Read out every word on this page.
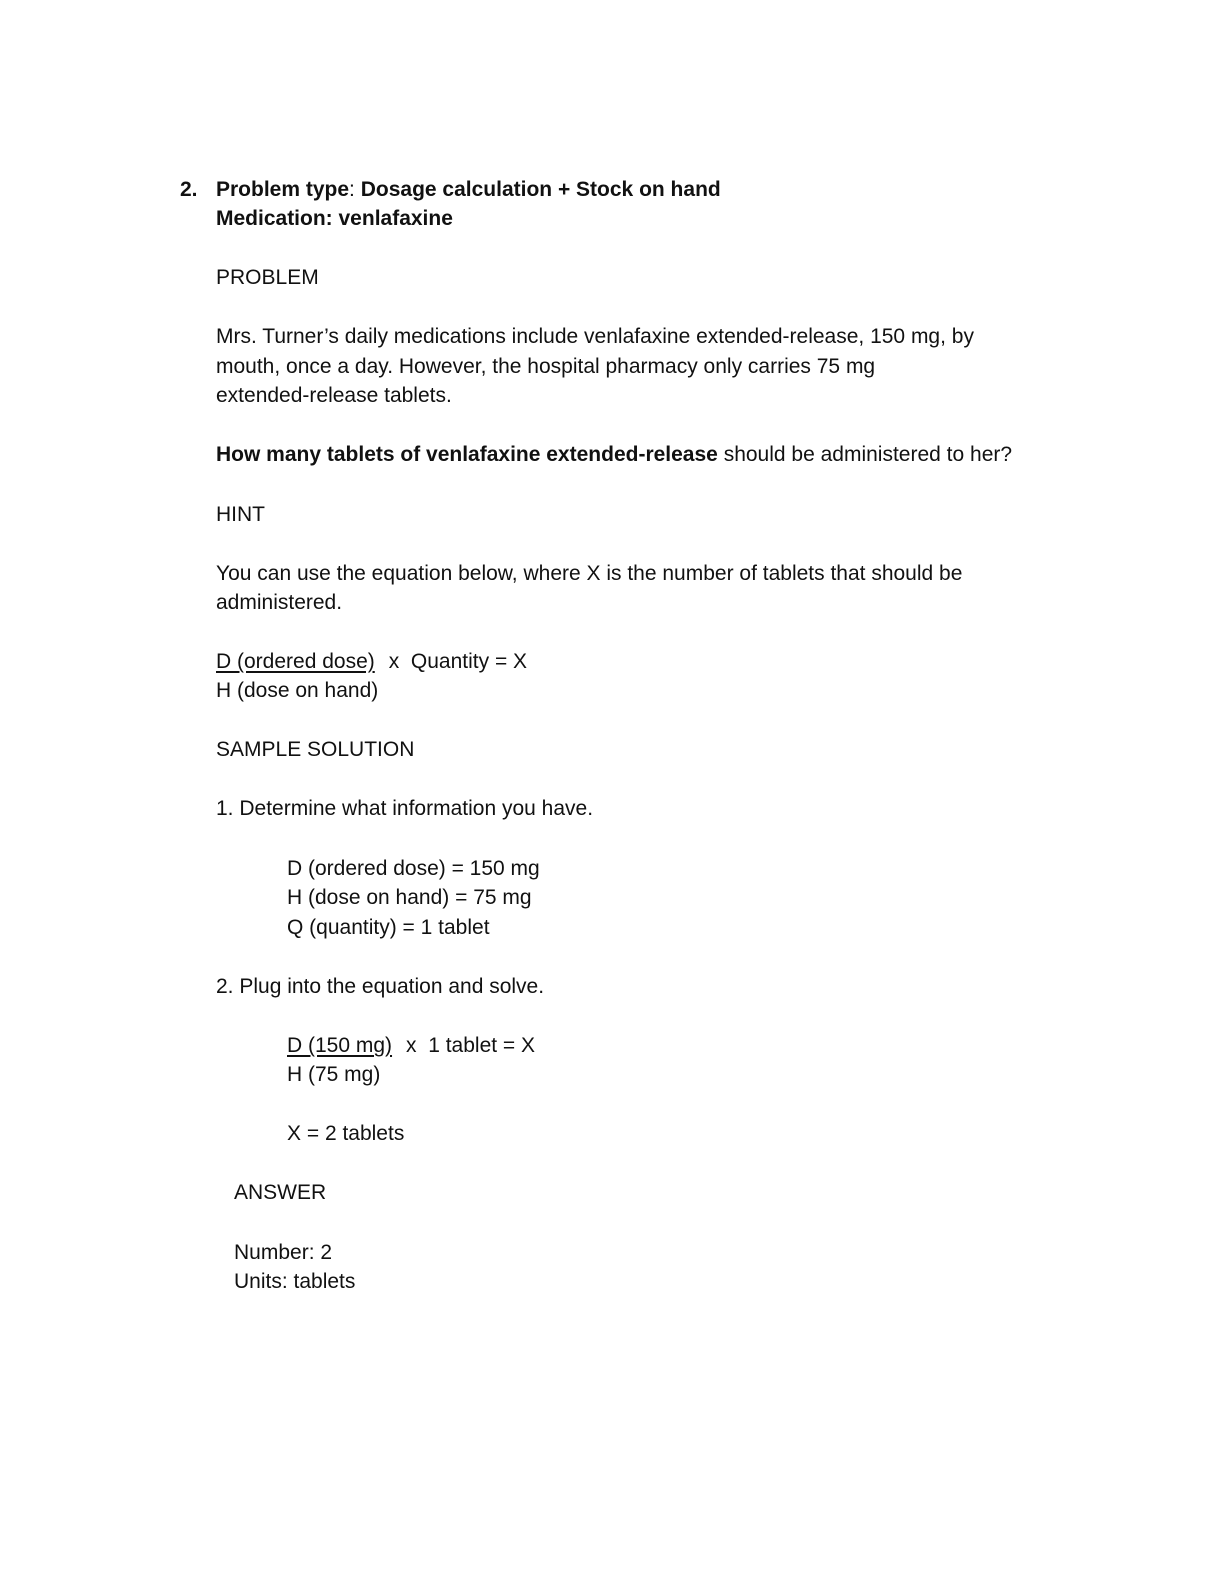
2. Problem type: Dosage calculation + Stock on hand
Medication: venlafaxine
PROBLEM
Mrs. Turner’s daily medications include venlafaxine extended-release, 150 mg, by
mouth, once a day. However, the hospital pharmacy only carries 75 mg
extended-release tablets.
How many tablets of venlafaxine extended-release should be administered to her?
HINT
You can use the equation below, where X is the number of tablets that should be
administered.
D (ordered dose) x  Quantity = X
H (dose on hand)
SAMPLE SOLUTION
1. Determine what information you have.
D (ordered dose) = 150 mg
H (dose on hand) = 75 mg
Q (quantity) = 1 tablet
2. Plug into the equation and solve.
D (150 mg) x  1 tablet = X
H (75 mg)
X = 2 tablets
ANSWER
Number: 2
Units: tablets
